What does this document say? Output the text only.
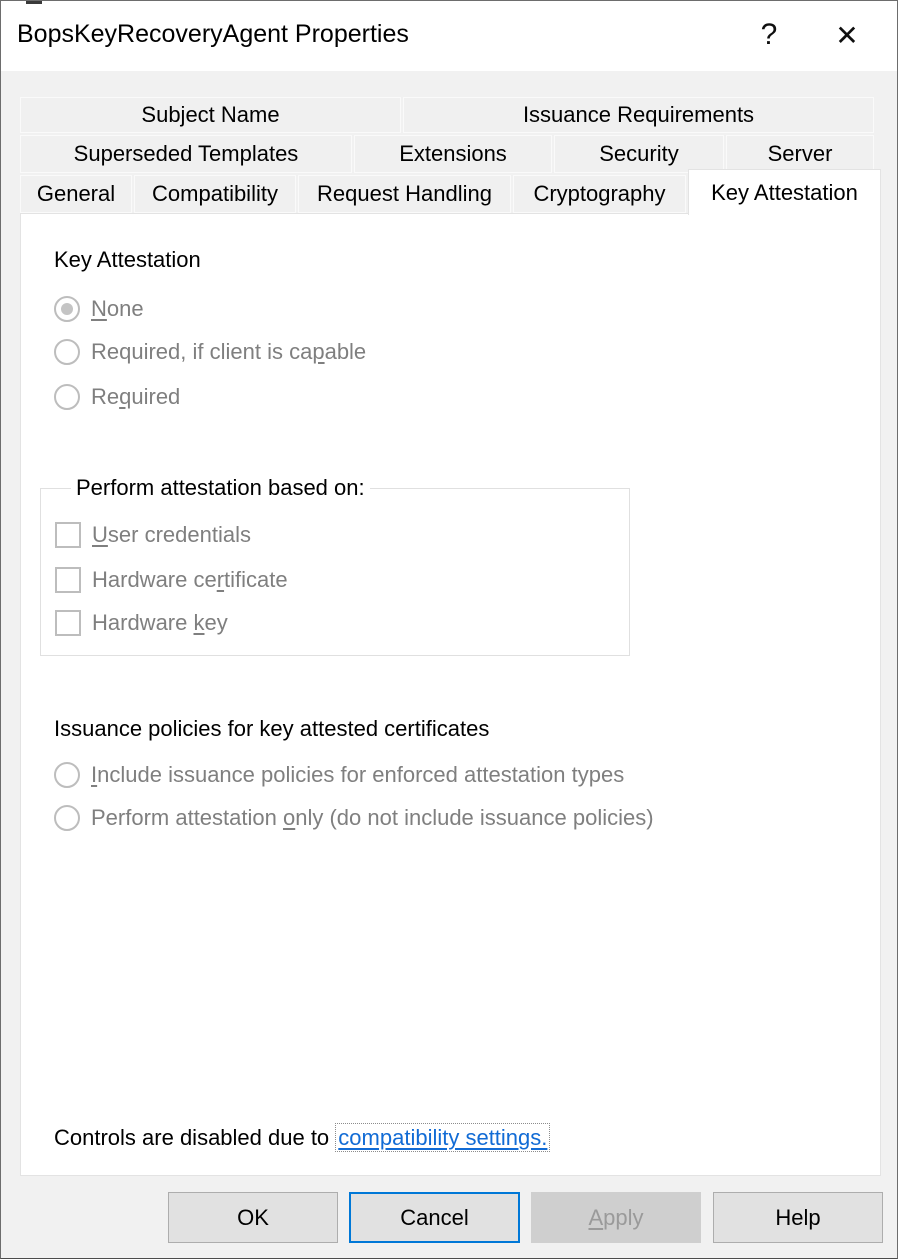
BopsKeyRecoveryAgent Properties	? ✕
Subject Name	Issuance Requirements
Superseded Templates	Extensions	Security	Server
General Compatibility Request Handling Cryptography Key Attestation
Key Attestation
None
Required, if client is capable
Required
Perform attestation based on:
User credentials
Hardware certificate
Hardware key
Issuance policies for key attested certificates
Include issuance policies for enforced attestation types
Perform attestation only (do not include issuance policies)
Controls are disabled due to compatibility settings.
OK	Cancel	Apply	Help
